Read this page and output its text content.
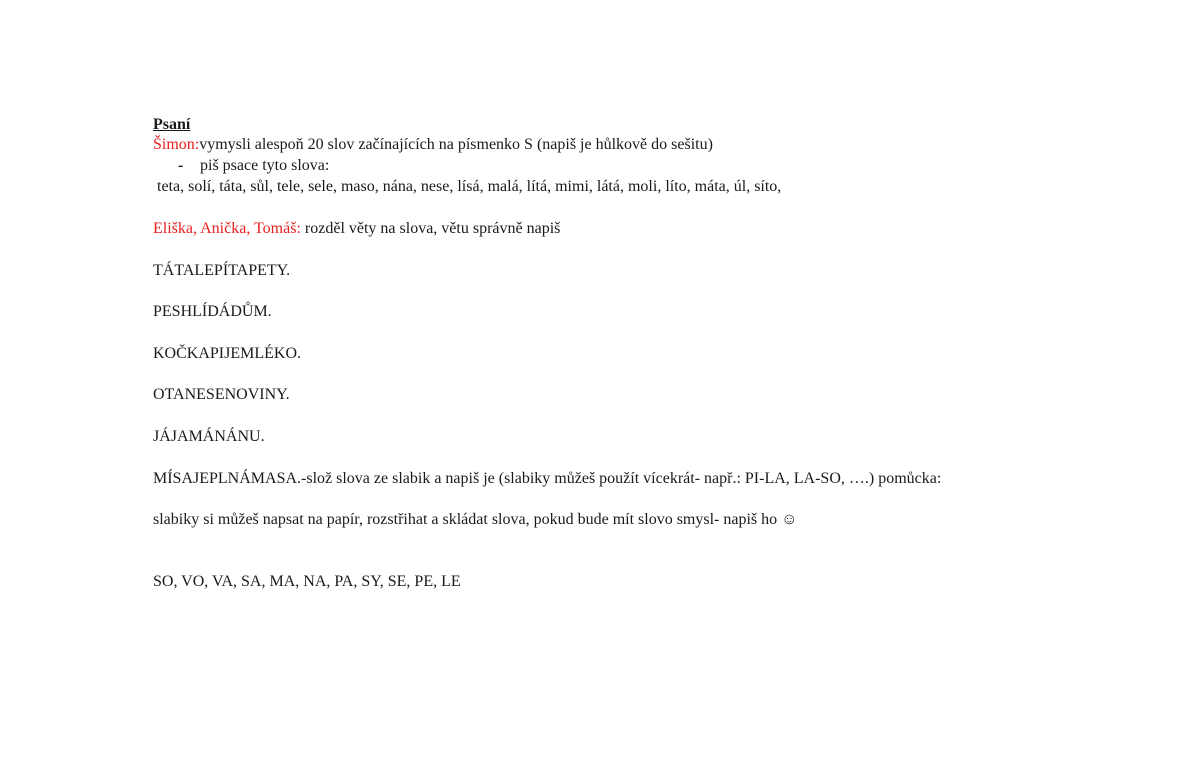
Psaní
Šimon:vymysli alespoň 20 slov začínajících na písmenko S (napiš je hůlkově do sešitu)
- piš psace tyto slova:
teta, solí, táta, sůl, tele, sele, maso, nána, nese, lísá, malá, lítá, mimi, látá, moli, líto, máta, úl, síto,
Eliška, Anička, Tomáš: rozděl věty na slova, větu správně napiš
TÁTALEPÍTAPETY.
PESHLÍDÁDŮM.
KOČKAPIJEMLÉKO.
OTANESENOVINY.
JÁJAMÁNÁNU.
MÍSAJEPLNÁMASA.-slož slova ze slabik a napiš je (slabiky můžeš použít vícekrát- např.: PI-LA, LA-SO, ….) pomůcka:
slabiky si můžeš napsat na papír, rozstřihat a skládat slova, pokud bude mít slovo smysl- napiš ho ☺
SO, VO, VA, SA, MA, NA, PA, SY, SE, PE, LE
